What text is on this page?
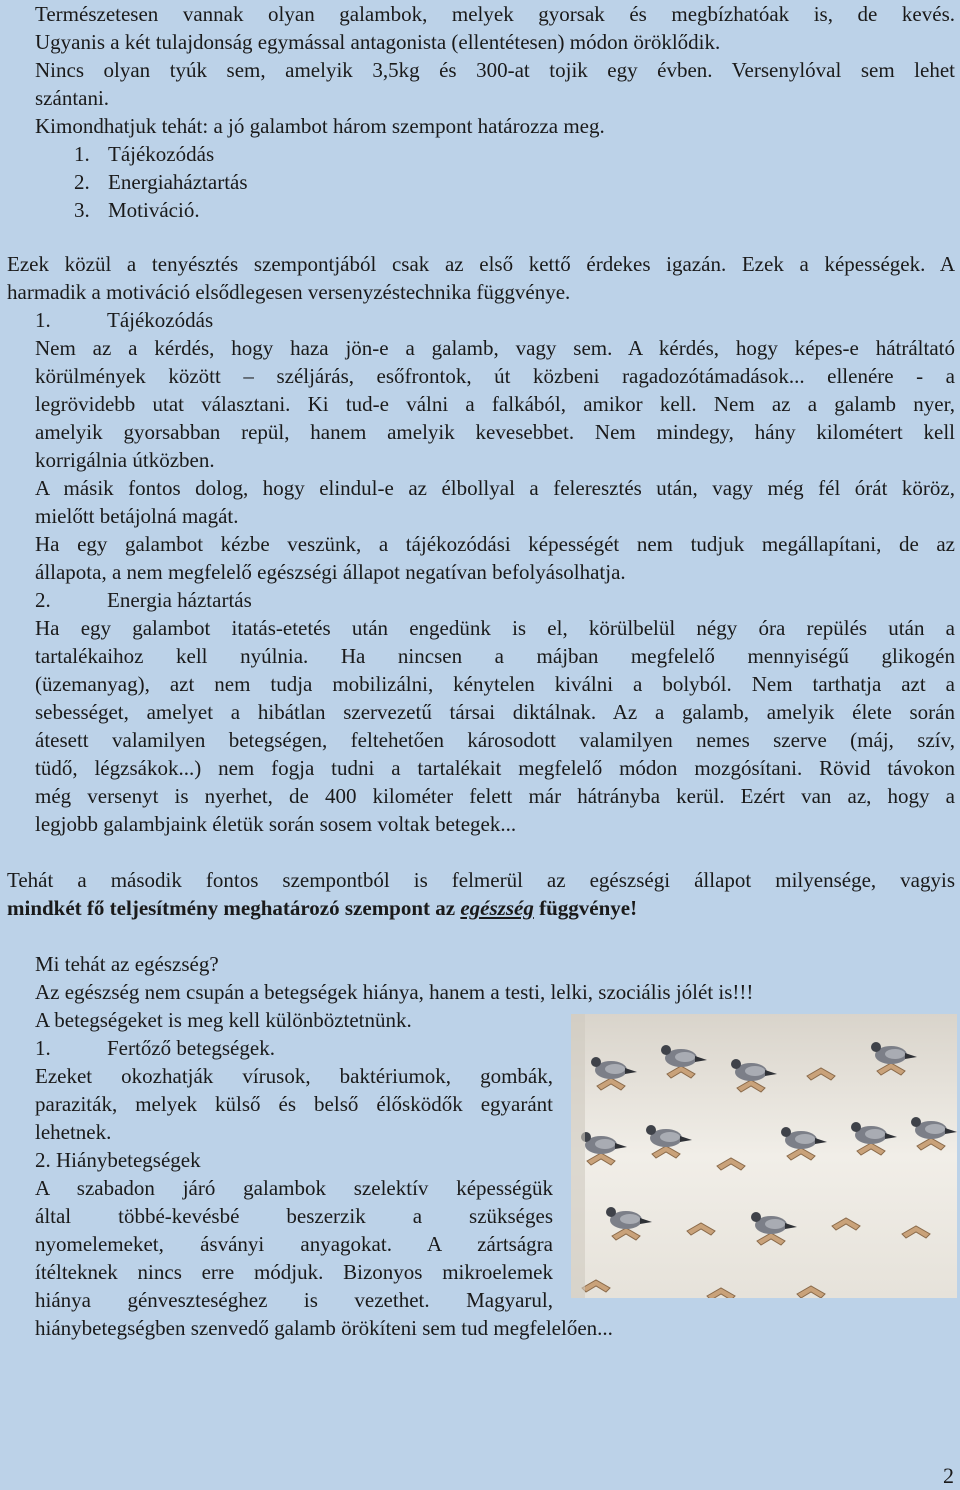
Természetesen vannak olyan galambok, melyek gyorsak és megbízhatóak is, de kevés.
Ugyanis a két tulajdonság egymással antagonista (ellentétesen) módon öröklődik.
Nincs olyan tyúk sem, amelyik 3,5kg és 300-at tojik egy évben. Versenylóval sem lehet
szántani.
Kimondhatjuk tehát: a jó galambot három szempont határozza meg.
1. Tájékozódás
2. Energiaháztartás
3. Motiváció.
Ezek közül a tenyésztés szempontjából csak az első kettő érdekes igazán. Ezek a képességek. A
harmadik a motiváció elsődlegesen versenyzéstechnika függvénye.
1.	Tájékozódás
Nem az a kérdés, hogy haza jön-e a galamb, vagy sem. A kérdés, hogy képes-e hátráltató
körülmények között – széljárás, esőfrontok, út közbeni ragadozótámadások... ellenére - a
legrövidebb utat választani. Ki tud-e válni a falkából, amikor kell. Nem az a galamb nyer,
amelyik gyorsabban repül, hanem amelyik kevesebbet. Nem mindegy, hány kilométert kell
korrigálnia útközben.
A másik fontos dolog, hogy elindul-e az élbollyal a feleresztés után, vagy még fél órát köröz,
mielőtt betájolná magát.
Ha egy galambot kézbe veszünk, a tájékozódási képességét nem tudjuk megállapítani, de az
állapota, a nem megfelelő egészségi állapot negatívan befolyásolhatja.
2.	Energia háztartás
Ha egy galambot itatás-etetés után engedünk is el, körülbelül négy óra repülés után a
tartalékaihoz kell nyúlnia. Ha nincsen a májban megfelelő mennyiségű glikogén
(üzemanyag), azt nem tudja mobilizálni, kénytelen kiválni a bolyból. Nem tarthatja azt a
sebességet, amelyet a hibátlan szervezetű társai diktálnak. Az a galamb, amelyik élete során
átesett valamilyen betegségen, feltehetően károsodott valamilyen nemes szerve (máj, szív,
tüdő, légzsákok...) nem fogja tudni a tartalékait megfelelő módon mozgósítani. Rövid távokon
még versenyt is nyerhet, de 400 kilométer felett már hátrányba kerül. Ezért van az, hogy a
legjobb galambjaink életük során sosem voltak betegek...
Tehát a második fontos szempontból is felmerül az egészségi állapot milyensége, vagyis
mindkét fő teljesítmény meghatározó szempont az egészség függvénye!
Mi tehát az egészség?
Az egészség nem csupán a betegségek hiánya, hanem a testi, lelki, szociális jólét is!!!
A betegségeket is meg kell különböztetnünk.
1.	Fertőző betegségek.
Ezeket okozhatják vírusok, baktériumok, gombák,
paraziták, melyek külső és belső élősködők egyaránt
lehetnek.
2. Hiánybetegségek
A szabadon járó galambok szelektív képességük
által többé-kevésbé beszerzik a szükséges
nyomelemeket, ásványi anyagokat. A zártságra
ítélteknek nincs erre módjuk. Bizonyos mikroelemek
hiánya génveszteséghez is vezethet. Magyarul,
hiánybetegségben szenvedő galamb örökíteni sem tud megfelelően...
2
